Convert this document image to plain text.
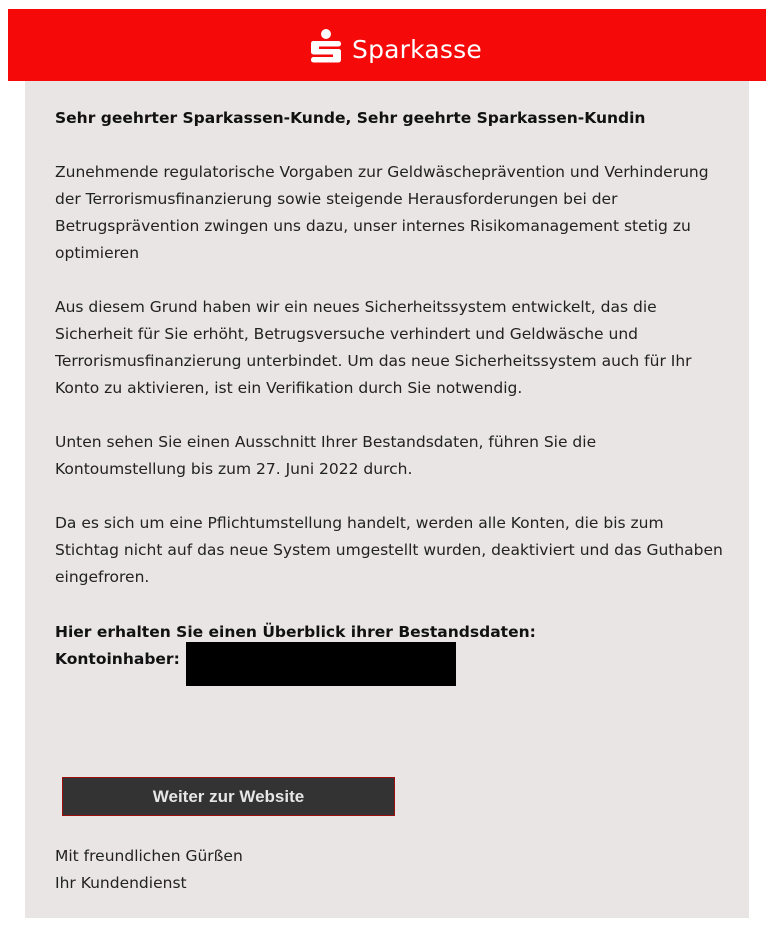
Sparkasse

Sehr geehrter Sparkassen-Kunde, Sehr geehrte Sparkassen-Kundin

Zunehmende regulatorische Vorgaben zur Geldwäscheprävention und Verhinderung der Terrorismusfinanzierung sowie steigende Herausforderungen bei der Betrugsprävention zwingen uns dazu, unser internes Risikomanagement stetig zu optimieren

Aus diesem Grund haben wir ein neues Sicherheitssystem entwickelt, das die Sicherheit für Sie erhöht, Betrugsversuche verhindert und Geldwäsche und Terrorismusfinanzierung unterbindet. Um das neue Sicherheitssystem auch für Ihr Konto zu aktivieren, ist ein Verifikation durch Sie notwendig.

Unten sehen Sie einen Ausschnitt Ihrer Bestandsdaten, führen Sie die Kontoumstellung bis zum 27. Juni 2022 durch.

Da es sich um eine Pflichtumstellung handelt, werden alle Konten, die bis zum Stichtag nicht auf das neue System umgestellt wurden, deaktiviert und das Guthaben eingefroren.

Hier erhalten Sie einen Überblick ihrer Bestandsdaten:

Kontoinhaber:
Weiter zur Website
Mit freundlichen Gürßen
Ihr Kundendienst
